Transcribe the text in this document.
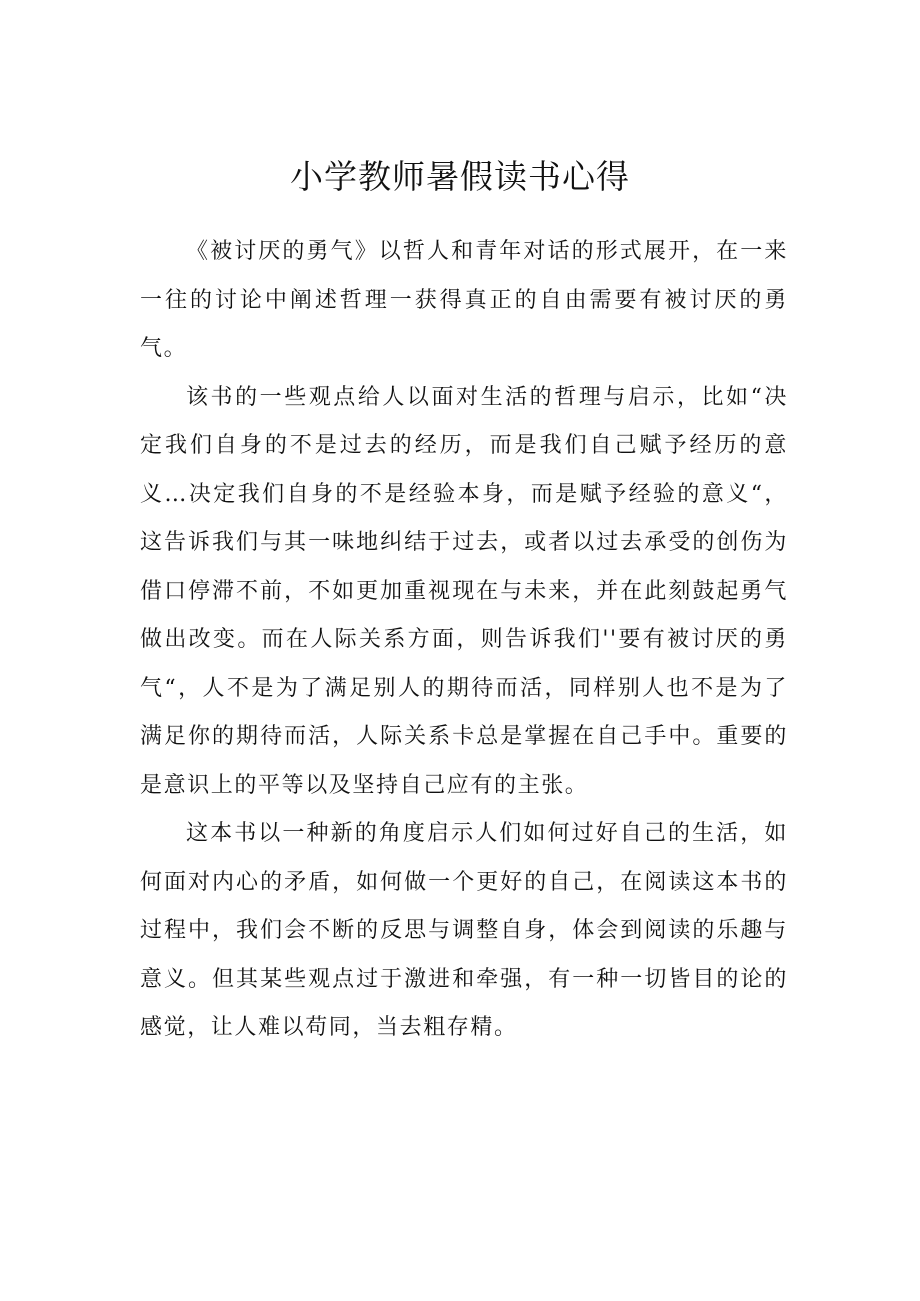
小学教师暑假读书心得

《被讨厌的勇气》以哲人和青年对话的形式展开，在一来一往的讨论中阐述哲理一获得真正的自由需要有被讨厌的勇气。

该书的一些观点给人以面对生活的哲理与启示，比如“决定我们自身的不是过去的经历，而是我们自己赋予经历的意义…决定我们自身的不是经验本身，而是赋予经验的意义“，这告诉我们与其一味地纠结于过去，或者以过去承受的创伤为借口停滞不前，不如更加重视现在与未来，并在此刻鼓起勇气做出改变。而在人际关系方面，则告诉我们''要有被讨厌的勇气“，人不是为了满足别人的期待而活，同样别人也不是为了满足你的期待而活，人际关系卡总是掌握在自己手中。重要的是意识上的平等以及坚持自己应有的主张。

这本书以一种新的角度启示人们如何过好自己的生活，如何面对内心的矛盾，如何做一个更好的自己，在阅读这本书的过程中，我们会不断的反思与调整自身，体会到阅读的乐趣与意义。但其某些观点过于激进和牵强，有一种一切皆目的论的感觉，让人难以苟同，当去粗存精。
